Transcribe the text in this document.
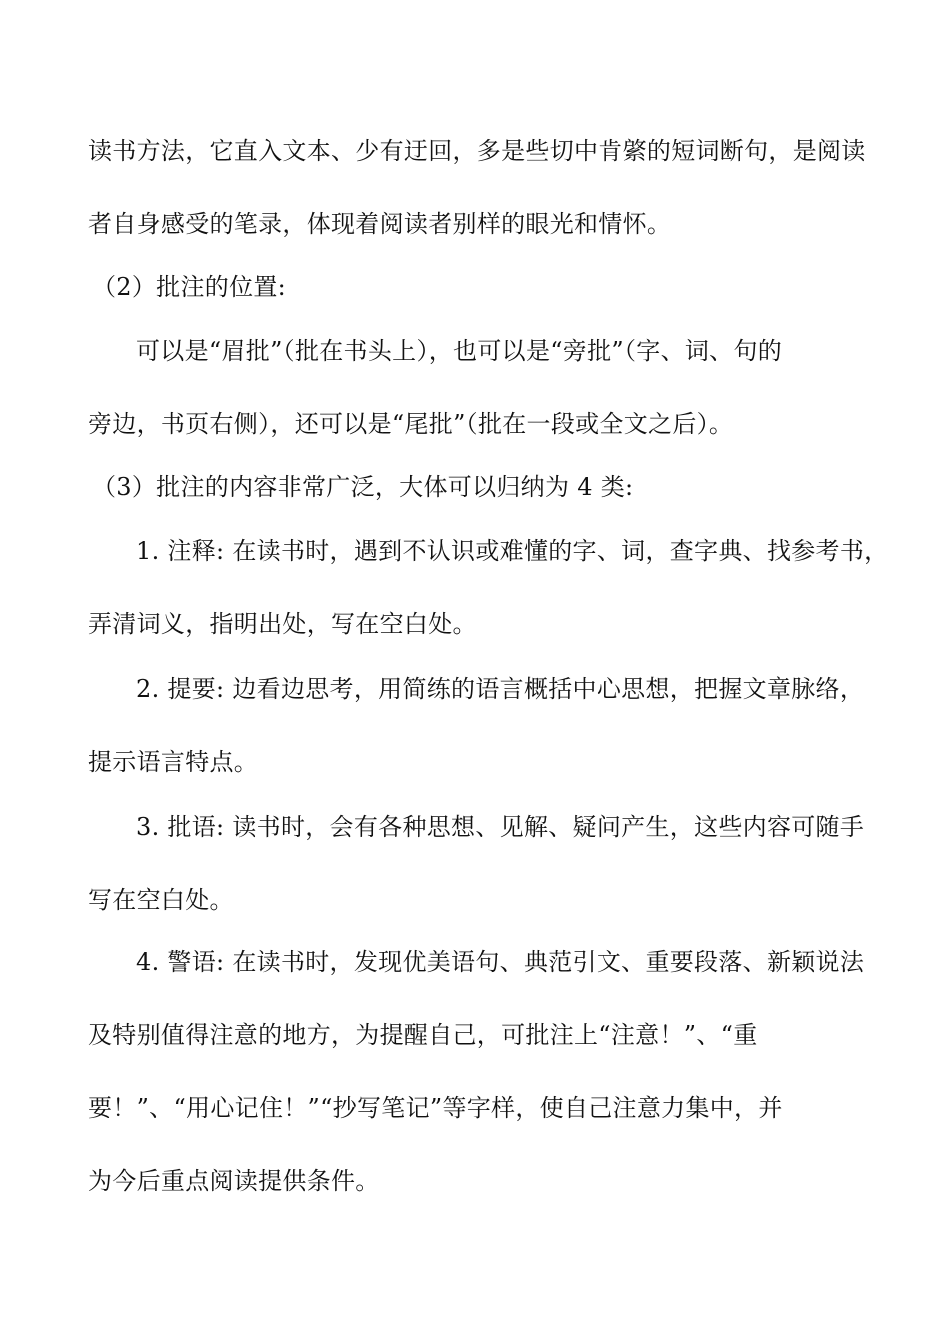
读书方法，它直入文本、少有迂回，多是些切中肯綮的短词断句，是阅读
者自身感受的笔录，体现着阅读者别样的眼光和情怀。
（2）批注的位置:
可以是“眉批”（批在书头上），也可以是“旁批”（字、词、句的
旁边，书页右侧），还可以是“尾批”（批在一段或全文之后）。
（3）批注的内容非常广泛，大体可以归纳为 4 类:
1. 注释: 在读书时，遇到不认识或难懂的字、词，查字典、找参考书，
弄清词义，指明出处，写在空白处。
2. 提要: 边看边思考，用简练的语言概括中心思想，把握文章脉络，
提示语言特点。
3. 批语: 读书时，会有各种思想、见解、疑问产生，这些内容可随手
写在空白处。
4. 警语: 在读书时，发现优美语句、典范引文、重要段落、新颖说法
及特别值得注意的地方，为提醒自己，可批注上“注意！”、“重
要！”、“用心记住！”“抄写笔记”等字样，使自己注意力集中，并
为今后重点阅读提供条件。
